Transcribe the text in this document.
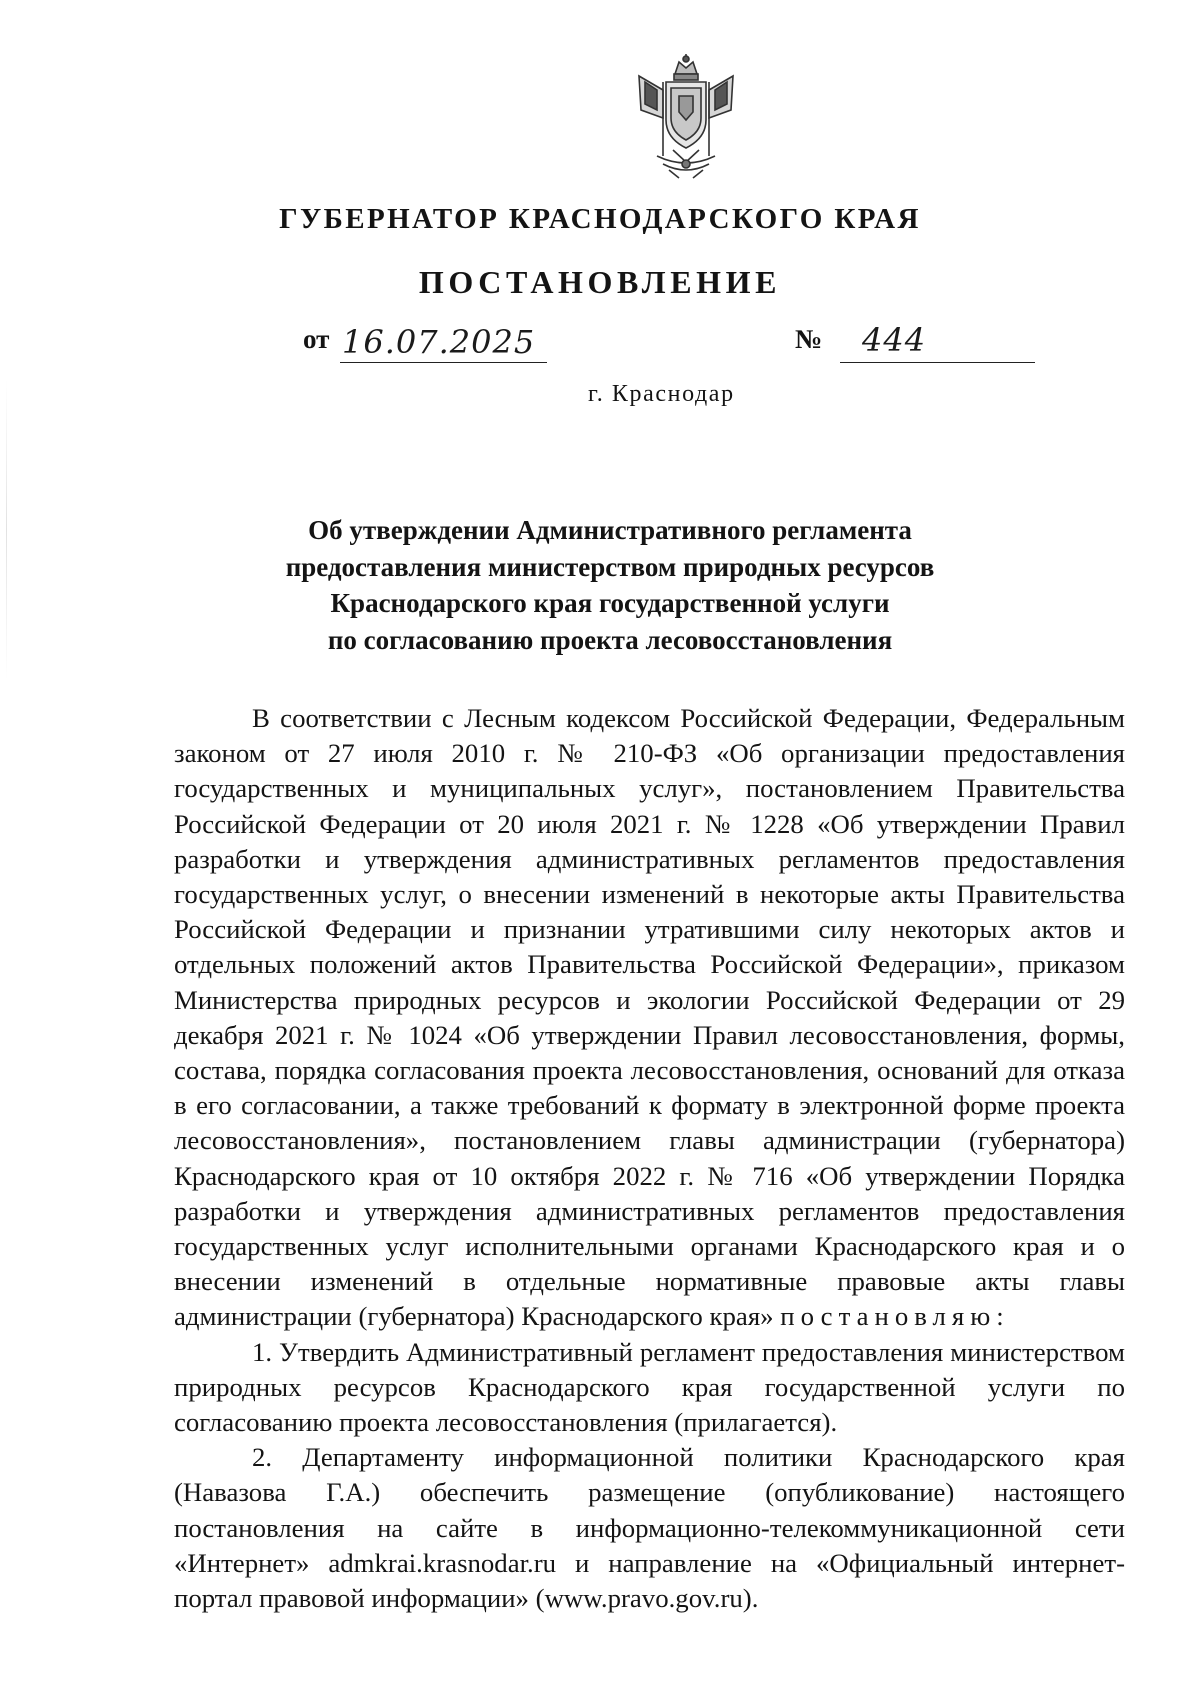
ГУБЕРНАТОР КРАСНОДАРСКОГО КРАЯ
ПОСТАНОВЛЕНИЕ
от 16.07.2025	№ 444
г. Краснодар
Об утверждении Административного регламента
предоставления министерством природных ресурсов
Краснодарского края государственной услуги
по согласованию проекта лесовосстановления

В соответствии с Лесным кодексом Российской Федерации, Федеральным законом от 27 июля 2010 г. № 210-ФЗ «Об организации предоставления государственных и муниципальных услуг», постановлением Правительства Российской Федерации от 20 июля 2021 г. № 1228 «Об утверждении Правил разработки и утверждения административных регламентов предоставления государственных услуг, о внесении изменений в некоторые акты Правительства Российской Федерации и признании утратившими силу некоторых актов и отдельных положений актов Правительства Российской Федерации», приказом Министерства природных ресурсов и экологии Российской Федерации от 29 декабря 2021 г. № 1024 «Об утверждении Правил лесовосстановления, формы, состава, порядка согласования проекта лесовосстановления, оснований для отказа в его согласовании, а также требований к формату в электронной форме проекта лесовосстановления», постановлением главы администрации (губернатора) Краснодарского края от 10 октября 2022 г. № 716 «Об утверждении Порядка разработки и утверждения административных регламентов предоставления государственных услуг исполнительными органами Краснодарского края и о внесении изменений в отдельные нормативные правовые акты главы администрации (губернатора) Краснодарского края» постановляю:

1. Утвердить Административный регламент предоставления министерством природных ресурсов Краснодарского края государственной услуги по согласованию проекта лесовосстановления (прилагается).

2. Департаменту информационной политики Краснодарского края (Навазова Г.А.) обеспечить размещение (опубликование) настоящего постановления на сайте в информационно-телекоммуникационной сети «Интернет» admkrai.krasnodar.ru и направление на «Официальный интернет-портал правовой информации» (www.pravo.gov.ru).
